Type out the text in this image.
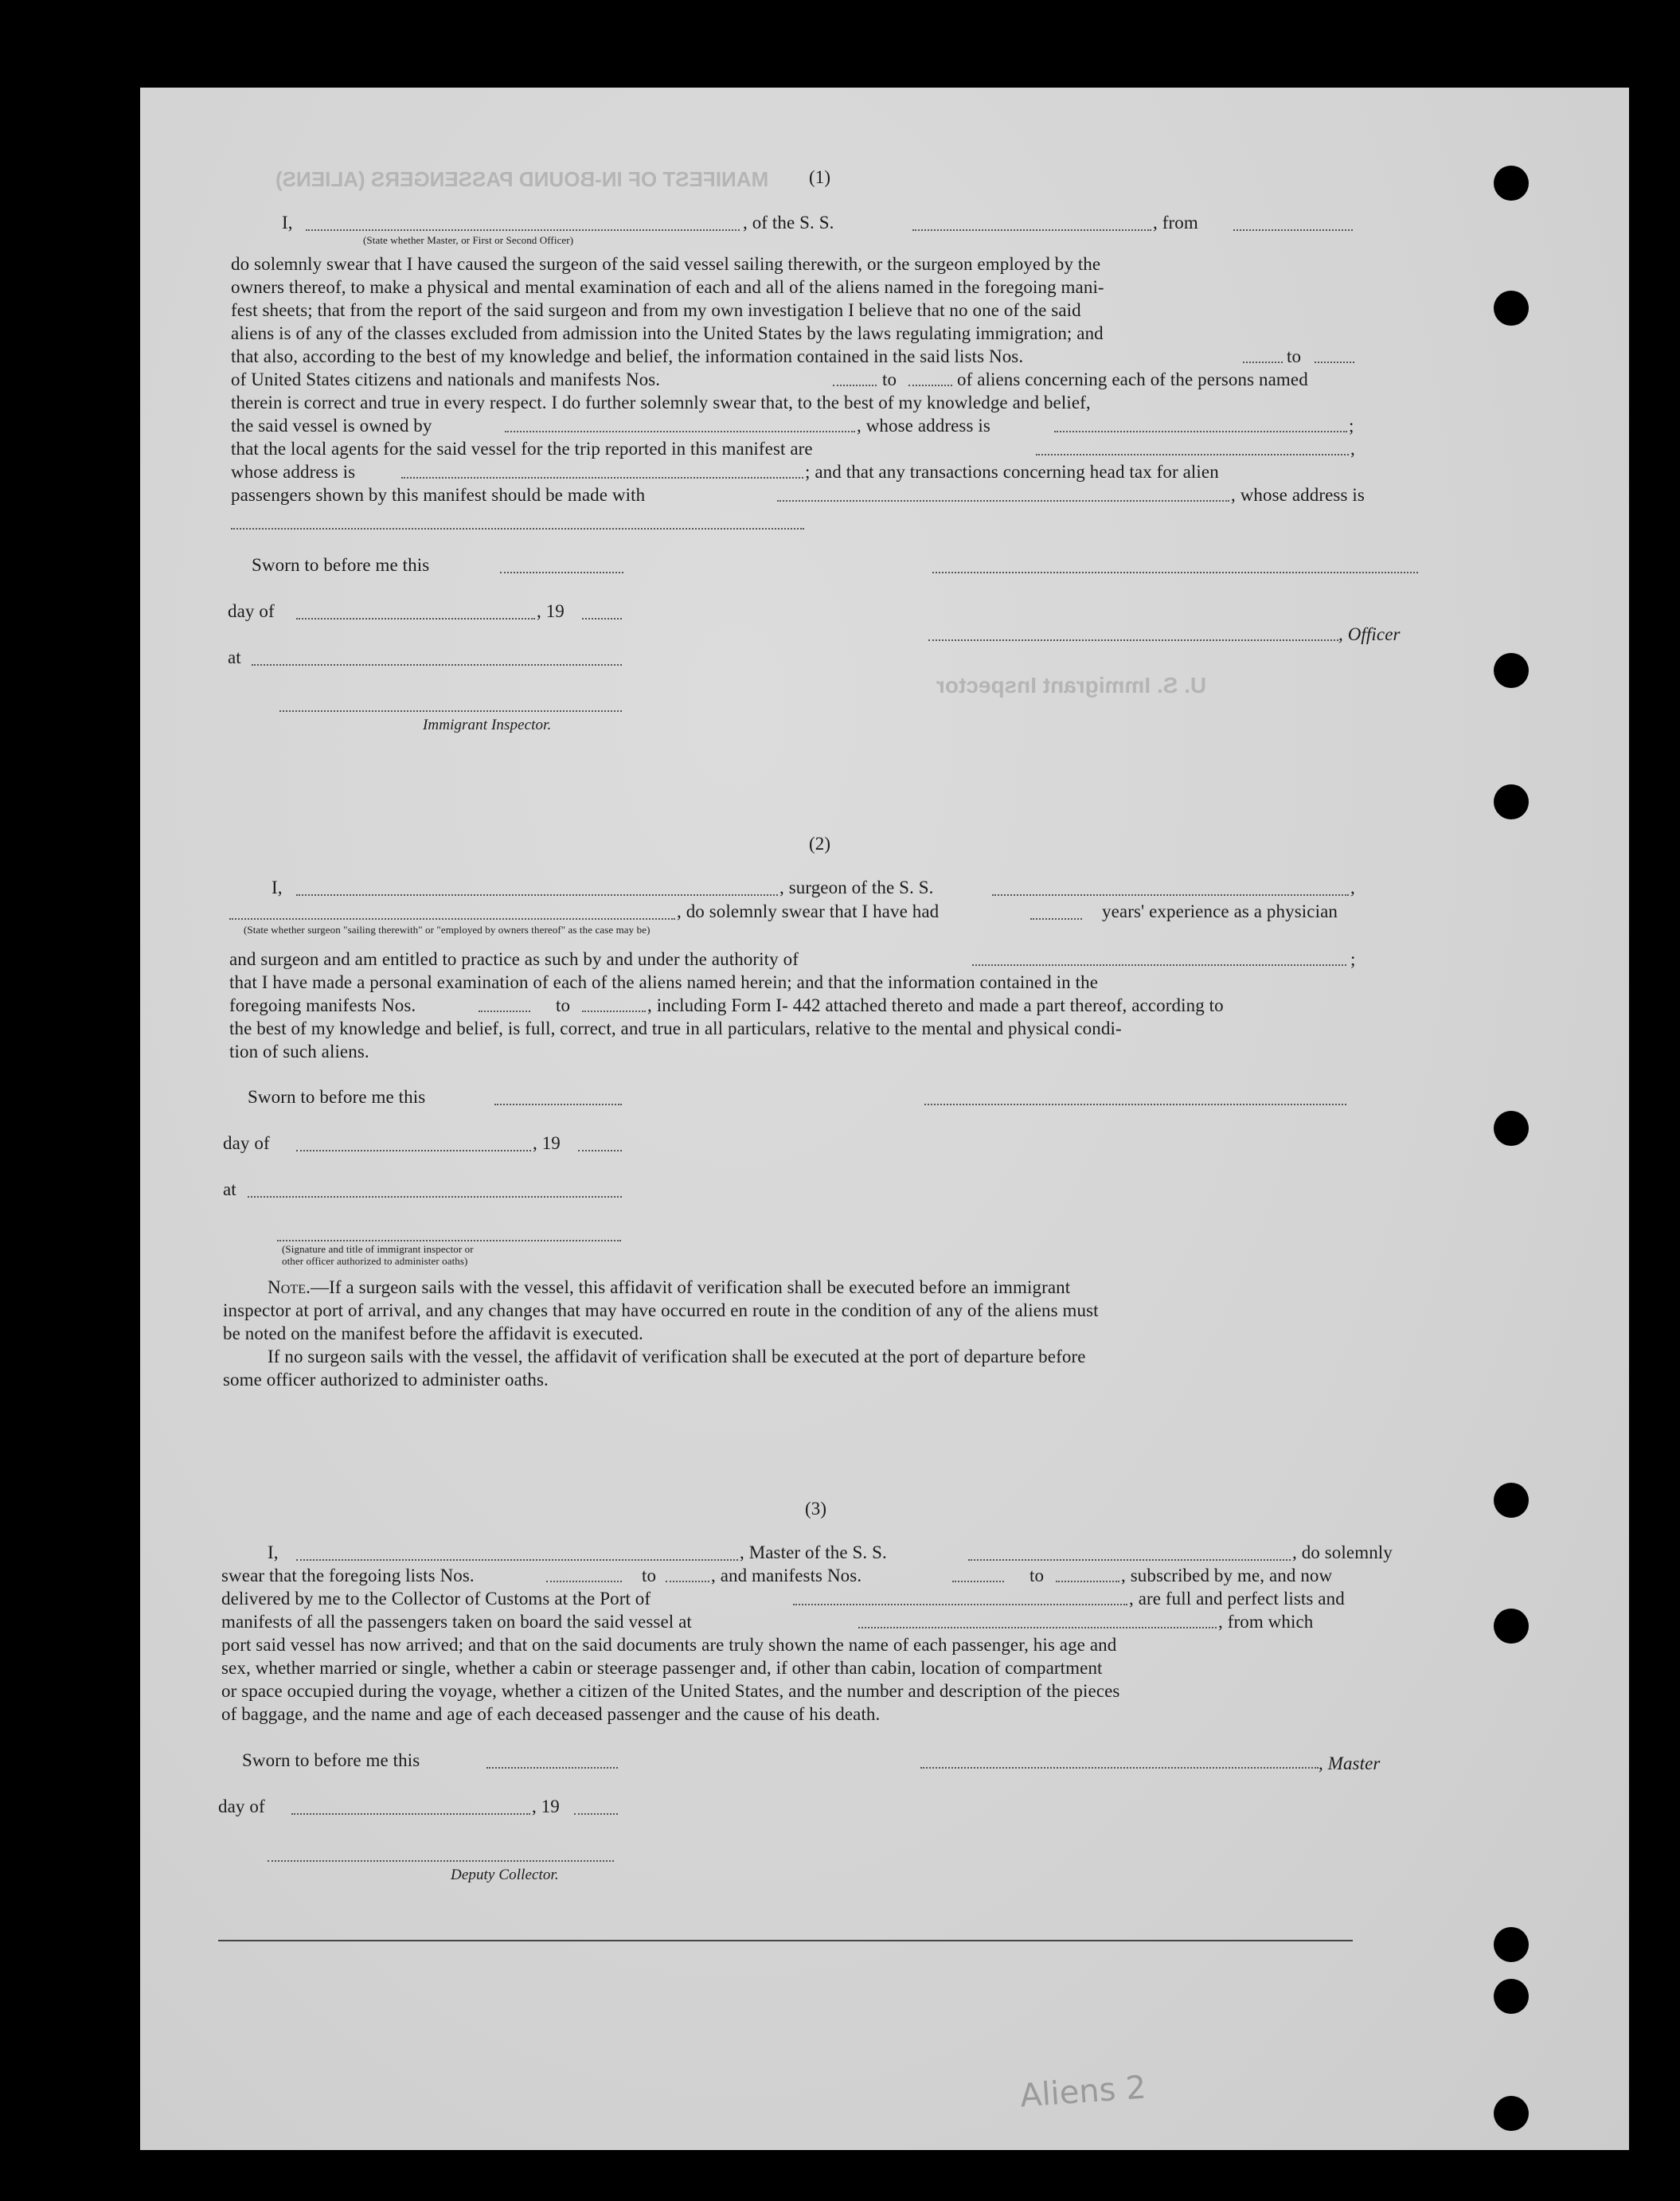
MANIFEST OF IN-BOUND PASSENGERS (ALIENS)
U. S. Immigrant Inspector
(1)
I,	, of the S. S.	, from
(State whether Master, or First or Second Officer)
do solemnly swear that I have caused the surgeon of the said vessel sailing therewith, or the surgeon employed by the
owners thereof, to make a physical and mental examination of each and all of the aliens named in the foregoing mani-
fest sheets; that from the report of the said surgeon and from my own investigation I believe that no one of the said
aliens is of any of the classes excluded from admission into the United States by the laws regulating immigration; and
that also, according to the best of my knowledge and belief, the information contained in the said lists Nos.	to
of United States citizens and nationals and manifests Nos.	to	of aliens concerning each of the persons named
therein is correct and true in every respect. I do further solemnly swear that, to the best of my knowledge and belief,
the said vessel is owned by	, whose address is	;
that the local agents for the said vessel for the trip reported in this manifest are	,
whose address is	; and that any transactions concerning head tax for alien
passengers shown by this manifest should be made with	, whose address is
Sworn to before me this
day of	, 19
, Officer
at
Immigrant Inspector.
(2)
I,	, surgeon of the S. S.	,
, do solemnly swear that I have had	years' experience as a physician
(State whether surgeon "sailing therewith" or "employed by owners thereof" as the case may be)
and surgeon and am entitled to practice as such by and under the authority of	;
that I have made a personal examination of each of the aliens named herein; and that the information contained in the
foregoing manifests Nos.	to	, including Form I- 442 attached thereto and made a part thereof, according to
the best of my knowledge and belief, is full, correct, and true in all particulars, relative to the mental and physical condi-
tion of such aliens.
Sworn to before me this
day of	, 19
at
(Signature and title of immigrant inspector or
other officer authorized to administer oaths)
Note.—If a surgeon sails with the vessel, this affidavit of verification shall be executed before an immigrant
inspector at port of arrival, and any changes that may have occurred en route in the condition of any of the aliens must
be noted on the manifest before the affidavit is executed.
If no surgeon sails with the vessel, the affidavit of verification shall be executed at the port of departure before
some officer authorized to administer oaths.
(3)
I,	, Master of the S. S.	, do solemnly
swear that the foregoing lists Nos.	to	, and manifests Nos.	to	, subscribed by me, and now
delivered by me to the Collector of Customs at the Port of	, are full and perfect lists and
manifests of all the passengers taken on board the said vessel at	, from which
port said vessel has now arrived; and that on the said documents are truly shown the name of each passenger, his age and
sex, whether married or single, whether a cabin or steerage passenger and, if other than cabin, location of compartment
or space occupied during the voyage, whether a citizen of the United States, and the number and description of the pieces
of baggage, and the name and age of each deceased passenger and the cause of his death.
Sworn to before me this	, Master
day of	, 19
Deputy Collector.
Aliens 2
